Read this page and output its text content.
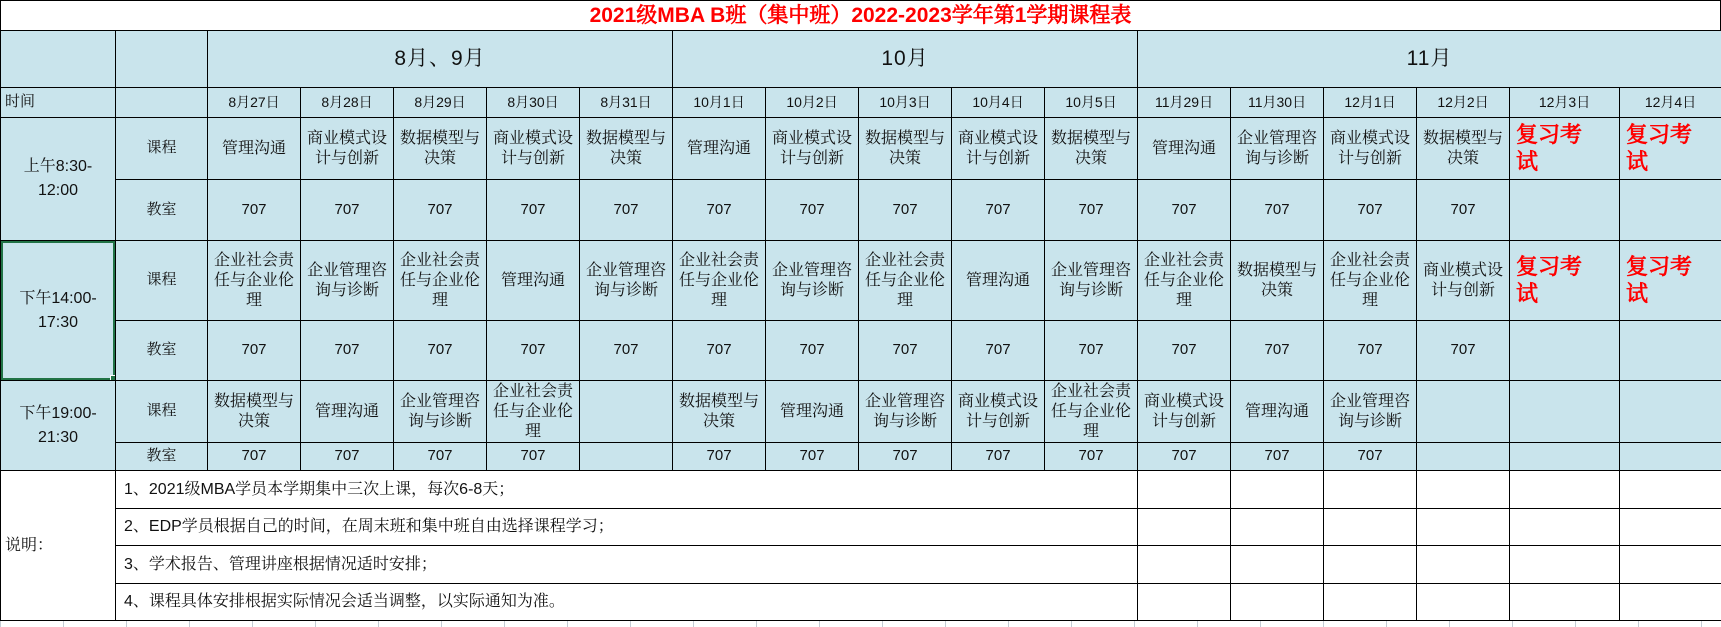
2021级MBA B班（集中班）2022-2023学年第1学期课程表
		8月、9月					10月					11月					
时间		8月27日	8月28日	8月29日	8月30日	8月31日	10月1日	10月2日	10月3日	10月4日	10月5日	11月29日	11月30日	12月1日	12月2日	12月3日	12月4日
上午8:30-12:00	课程	管理沟通	商业模式设计与创新	数据模型与决策	商业模式设计与创新	数据模型与决策	管理沟通	商业模式设计与创新	数据模型与决策	商业模式设计与创新	数据模型与决策	管理沟通	企业管理咨询与诊断	商业模式设计与创新	数据模型与决策	复习考试	复习考试
	教室	707	707	707	707	707	707	707	707	707	707	707	707	707	707		
下午14:00-17:30	课程	企业社会责任与企业伦理	企业管理咨询与诊断	企业社会责任与企业伦理	管理沟通	企业管理咨询与诊断	企业社会责任与企业伦理	企业管理咨询与诊断	企业社会责任与企业伦理	管理沟通	企业管理咨询与诊断	企业社会责任与企业伦理	数据模型与决策	企业社会责任与企业伦理	商业模式设计与创新	复习考试	复习考试
	教室	707	707	707	707	707	707	707	707	707	707	707	707	707	707		
下午19:00-21:30	课程	数据模型与决策	管理沟通	企业管理咨询与诊断	企业社会责任与企业伦理		数据模型与决策	管理沟通	企业管理咨询与诊断	商业模式设计与创新	企业社会责任与企业伦理	商业模式设计与创新	管理沟通	企业管理咨询与诊断			
	教室	707	707	707	707		707	707	707	707	707	707	707	707			
说明：	1、2021级MBA学员本学期集中三次上课，每次6-8天；																
	2、EDP学员根据自己的时间，在周末班和集中班自由选择课程学习；																
	3、学术报告、管理讲座根据情况适时安排；																
	4、课程具体安排根据实际情况会适当调整，以实际通知为准。																
